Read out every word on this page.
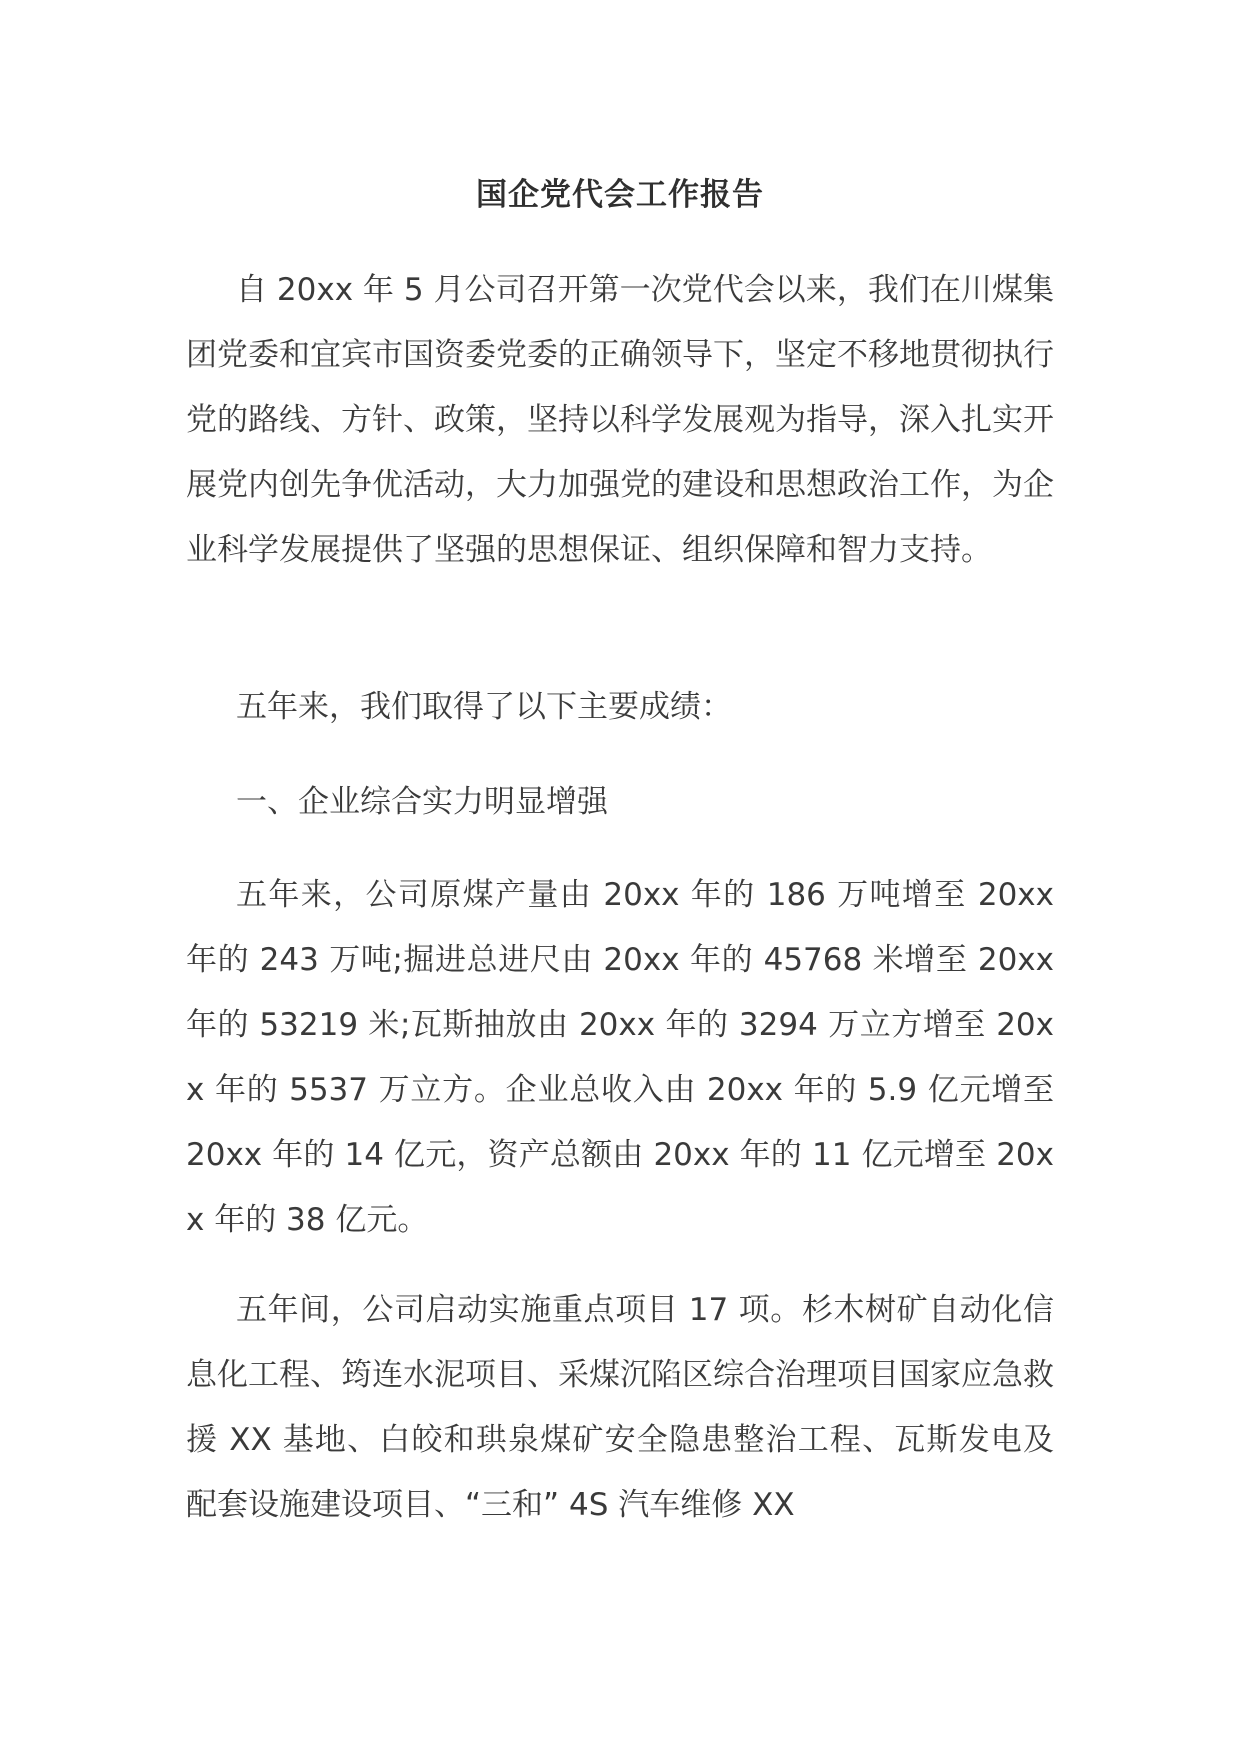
国企党代会工作报告

自 20xx 年 5 月公司召开第一次党代会以来，我们在川煤集团党委和宜宾市国资委党委的正确领导下，坚定不移地贯彻执行党的路线、方针、政策，坚持以科学发展观为指导，深入扎实开展党内创先争优活动，大力加强党的建设和思想政治工作，为企业科学发展提供了坚强的思想保证、组织保障和智力支持。

五年来，我们取得了以下主要成绩：

一、企业综合实力明显增强

五年来，公司原煤产量由 20xx 年的 186 万吨增至 20xx 年的 243 万吨;掘进总进尺由 20xx 年的 45768 米增至 20xx 年的 53219 米;瓦斯抽放由 20xx 年的 3294 万立方增至 20xx 年的 5537 万立方。企业总收入由 20xx 年的 5.9 亿元增至 20xx 年的 14 亿元，资产总额由 20xx 年的 11 亿元增至 20xx 年的 38 亿元。

五年间，公司启动实施重点项目 17 项。杉木树矿自动化信息化工程、筠连水泥项目、采煤沉陷区综合治理项目国家应急救援 XX 基地、白皎和珙泉煤矿安全隐患整治工程、瓦斯发电及配套设施建设项目、“三和” 4S 汽车维修 XX
